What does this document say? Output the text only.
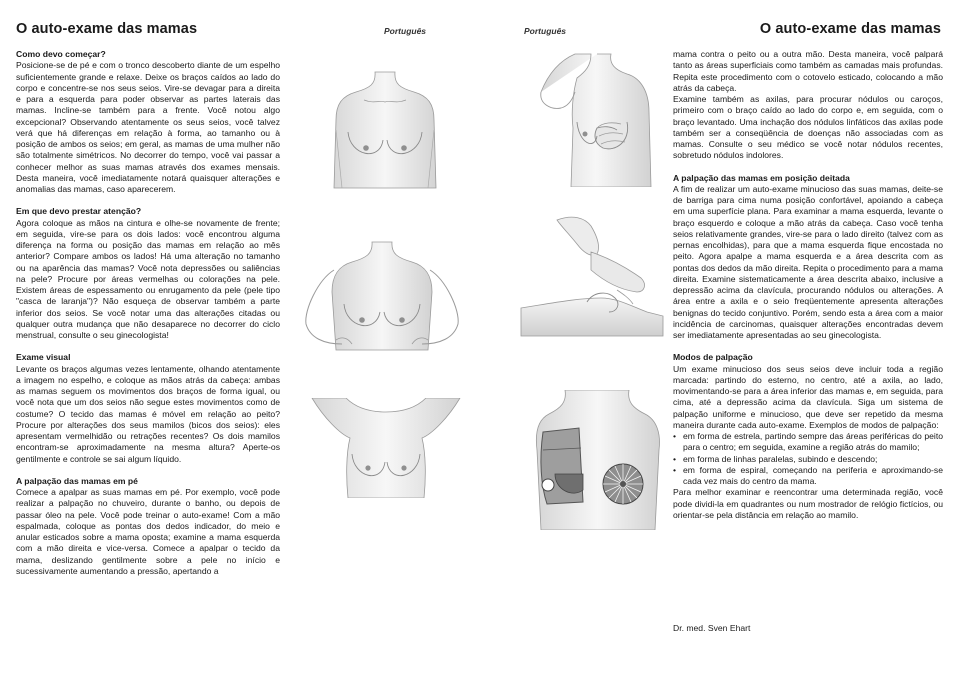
O auto-exame das mamas	Português
Como devo começar?

Posicione-se de pé e com o tronco descoberto diante de um espelho suficientemente grande e relaxe. Deixe os braços caídos ao lado do corpo e concentre-se nos seus seios. Vire-se devagar para a direita e para a esquerda para poder observar as partes laterais das mamas. Incline-se também para a frente. Você notou algo excepcional? Observando atentamente os seus seios, você talvez verá que há diferenças em relação à forma, ao tamanho ou à posição de ambos os seios; em geral, as mamas de uma mulher não são totalmente simétricos. No decorrer do tempo, você vai passar a conhecer melhor as suas mamas através dos exames mensais. Desta maneira, você imediatamente notará quaisquer alterações e anomalias das mamas, caso aparecerem.

Em que devo prestar atenção?

Agora coloque as mãos na cintura e olhe-se novamente de frente; em seguida, vire-se para os dois lados: você encontrou alguma diferença na forma ou posição das mamas em relação ao mês anterior? Compare ambos os lados! Há uma alteração no tamanho ou na aparência das mamas? Você nota depressões ou saliências na pele? Procure por áreas vermelhas ou colorações na pele. Existem áreas de espessamento ou enrugamento da pele (pele tipo "casca de laranja")? Não esqueça de observar também a parte inferior dos seios. Se você notar uma das alterações citadas ou qualquer outra mudança que não desaparece no decorrer do ciclo menstrual, consulte o seu ginecologista!

Exame visual

Levante os braços algumas vezes lentamente, olhando atentamente a imagem no espelho, e coloque as mãos atrás da cabeça: ambas as mamas seguem os movimentos dos braços de forma igual, ou você nota que um dos seios não segue estes movimentos como de costume? O tecido das mamas é móvel em relação ao peito? Procure por alterações dos seus mamilos (bicos dos seios): eles apresentam vermelhidão ou retrações recentes? Os dois mamilos encontram-se aproximadamente na mesma altura? Aperte-os gentilmente e controle se sai algum líquido.

A palpação das mamas em pé

Comece a apalpar as suas mamas em pé. Por exemplo, você pode realizar a palpação no chuveiro, durante o banho, ou depois de passar óleo na pele. Você pode treinar o auto-exame! Com a mão espalmada, coloque as pontas dos dedos indicador, do meio e anular esticados sobre a mama oposta; examine a mama esquerda com a mão direita e vice-versa. Comece a apalpar o tecido da mama, deslizando gentilmente sobre a pele no início e sucessivamente aumentando a pressão, apertando a

O auto-exame das mamas
Português

mama contra o peito ou a outra mão. Desta maneira, você palpará tanto as áreas superficiais como também as camadas mais profundas. Repita este procedimento com o cotovelo esticado, colocando a mão atrás da cabeça.

Examine também as axilas, para procurar nódulos ou caroços, primeiro com o braço caído ao lado do corpo e, em seguida, com o braço levantado. Uma inchação dos nódulos linfáticos das axilas pode também ser a conseqüência de doenças não associadas com as mamas. Consulte o seu médico se você notar nódulos recentes, sobretudo nódulos indolores.

A palpação das mamas em posição deitada

A fim de realizar um auto-exame minucioso das suas mamas, deite-se de barriga para cima numa posição confortável, apoiando a cabeça em uma superfície plana. Para examinar a mama esquerda, levante o braço esquerdo e coloque a mão atrás da cabeça. Caso você tenha seios relativamente grandes, vire-se para o lado direito (talvez com as pernas encolhidas), para que a mama esquerda fique encostada no peito. Agora apalpe a mama esquerda e a área descrita com as pontas dos dedos da mão direita. Repita o procedimento para a mama direita. Examine sistematicamente a área descrita abaixo, inclusive a depressão acima da clavícula, procurando nódulos ou alterações. A área entre a axila e o seio freqüentemente apresenta alterações benignas do tecido conjuntivo. Porém, sendo esta a área com a maior incidência de carcinomas, quaisquer alterações encontradas devem ser imediatamente apresentadas ao seu ginecologista.

Modos de palpação

Um exame minucioso dos seus seios deve incluir toda a região marcada: partindo do esterno, no centro, até a axila, ao lado, movimentando-se para a área inferior das mamas e, em seguida, para cima, até a depressão acima da clavícula. Siga um sistema de palpação uniforme e minucioso, que deve ser repetido da mesma maneira durante cada auto-exame. Exemplos de modos de palpação:

• em forma de estrela, partindo sempre das áreas periféricas do peito para o centro; em seguida, examine a região atrás do mamilo;
• em forma de linhas paralelas, subindo e descendo;
• em forma de espiral, começando na periferia e aproximando-se cada vez mais do centro da mama.

Para melhor examinar e reencontrar uma determinada região, você pode dividi-la em quadrantes ou num mostrador de relógio fictícios, ou orientar-se pela distância em relação ao mamilo.

Dr. med. Sven Ehart
